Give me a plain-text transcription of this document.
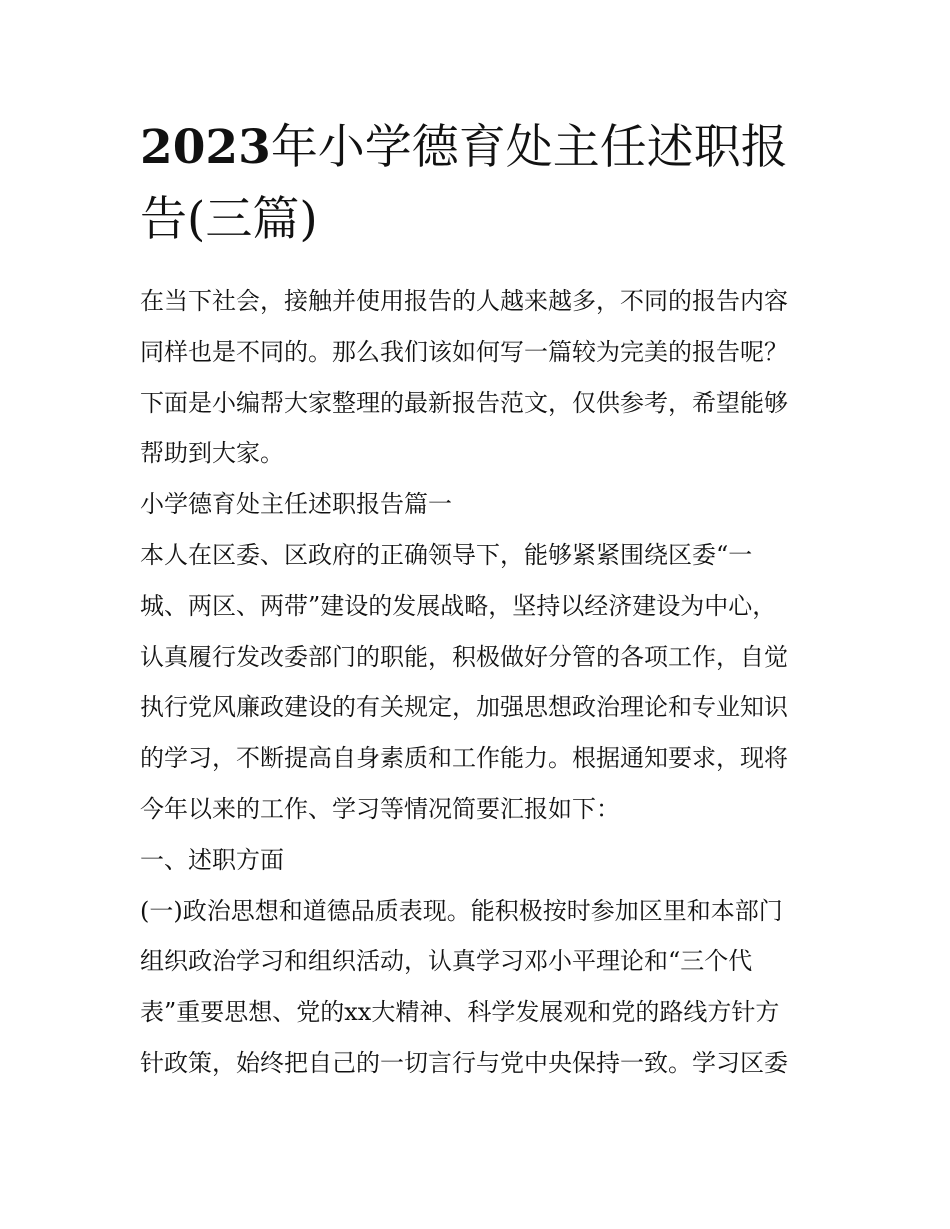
2023年小学德育处主任述职报
告(三篇)

在当下社会，接触并使用报告的人越来越多，不同的报告内容

同样也是不同的。那么我们该如何写一篇较为完美的报告呢？

下面是小编帮大家整理的最新报告范文，仅供参考，希望能够

帮助到大家。

小学德育处主任述职报告篇一

本人在区委、区政府的正确领导下，能够紧紧围绕区委“一

城、两区、两带”建设的发展战略，坚持以经济建设为中心，

认真履行发改委部门的职能，积极做好分管的各项工作，自觉

执行党风廉政建设的有关规定，加强思想政治理论和专业知识

的学习，不断提高自身素质和工作能力。根据通知要求，现将

今年以来的工作、学习等情况简要汇报如下：

一、述职方面

(一)政治思想和道德品质表现。能积极按时参加区里和本部门

组织政治学习和组织活动，认真学习邓小平理论和“三个代

表”重要思想、党的xx大精神、科学发展观和党的路线方针方

针政策，始终把自己的一切言行与党中央保持一致。学习区委
